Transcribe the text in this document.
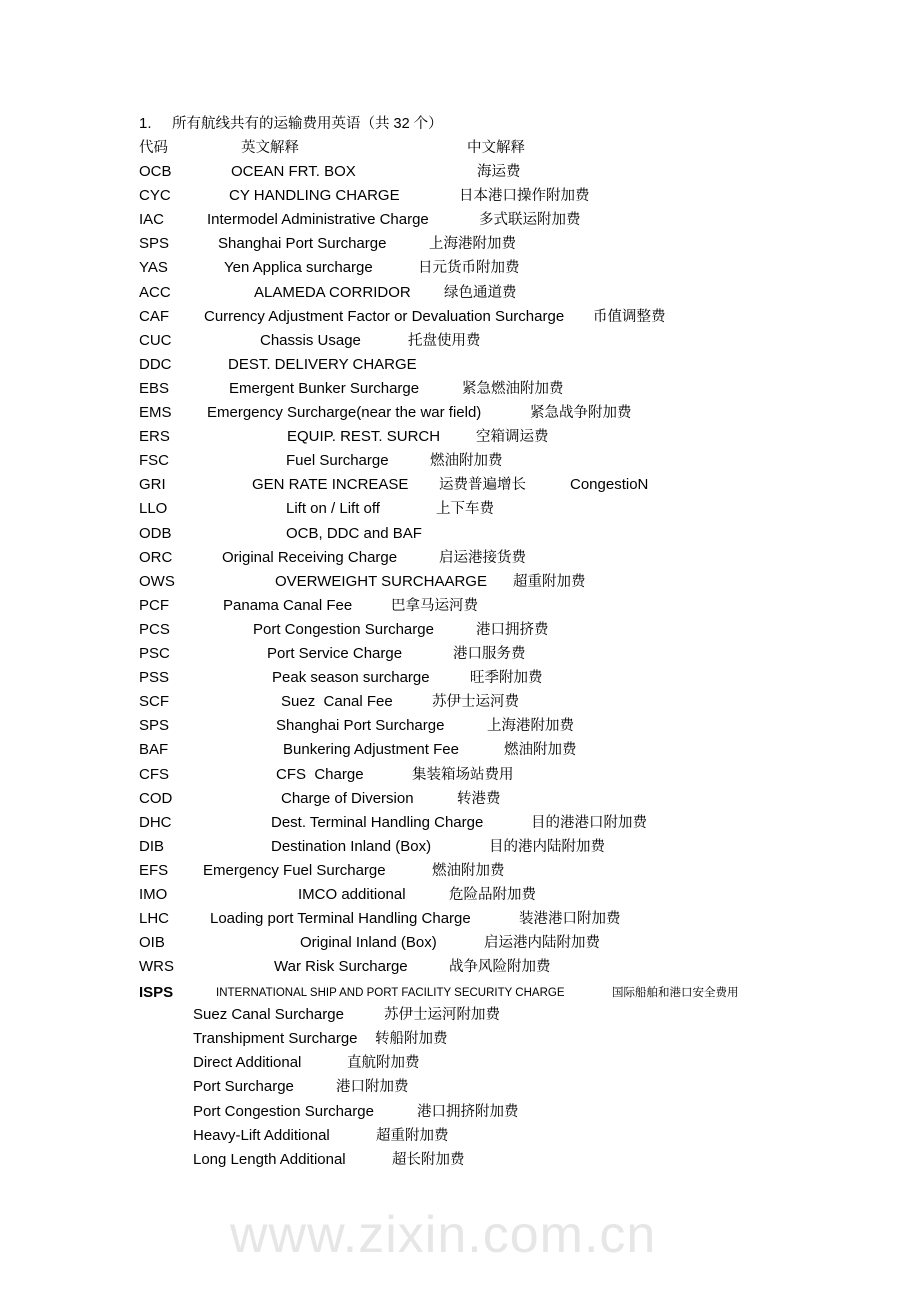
www.zixin.com.cn
1. 所有航线共有的运输费用英语（共 32 个）
代码	英文解释	中文解释
OCB	OCEAN FRT. BOX	海运费
CYC	CY HANDLING CHARGE	日本港口操作附加费
IAC	Intermodel Administrative Charge	多式联运附加费
SPS	Shanghai Port Surcharge	上海港附加费
YAS	Yen Applica surcharge	日元货币附加费
ACC	ALAMEDA CORRIDOR 绿色通道费
CAF Currency Adjustment Factor or Devaluation Surcharge 币值调整费
CUC	Chassis Usage	托盘使用费
DDC	DEST. DELIVERY CHARGE
EBS	Emergent Bunker Surcharge	紧急燃油附加费
EMS Emergency Surcharge(near the war field)	紧急战争附加费
ERS	EQUIP. REST. SURCH 空箱调运费
FSC	Fuel Surcharge	燃油附加费
GRI	GEN RATE INCREASE 运费普遍增长	CongestioN
LLO	Lift on / Lift off	上下车费
ODB	OCB, DDC and BAF
ORC	Original Receiving Charge	启运港接货费
OWS	OVERWEIGHT SURCHAARGE 超重附加费
PCF	Panama Canal Fee	巴拿马运河费
PCS	Port Congestion Surcharge	港口拥挤费
PSC	Port Service Charge	港口服务费
PSS	Peak season surcharge	旺季附加费
SCF	Suez  Canal Fee	苏伊士运河费
SPS	Shanghai Port Surcharge	上海港附加费
BAF	Bunkering Adjustment Fee	燃油附加费
CFS	CFS  Charge	集装箱场站费用
COD	Charge of Diversion	转港费
DHC	Dest. Terminal Handling Charge	目的港港口附加费
DIB	Destination Inland (Box)	目的港内陆附加费
EFS Emergency Fuel Surcharge	燃油附加费
IMO	IMCO additional	危险品附加费
LHC	Loading port Terminal Handling Charge	装港港口附加费
OIB	Original Inland (Box)	启运港内陆附加费
WRS	War Risk Surcharge	战争风险附加费
ISPS	INTERNATIONAL SHIP AND PORT FACILITY SECURITY CHARGE	国际船舶和港口安全费用
Suez Canal Surcharge	苏伊士运河附加费
Transhipment Surcharge 转船附加费
Direct Additional	直航附加费
Port Surcharge	港口附加费
Port Congestion Surcharge	港口拥挤附加费
Heavy-Lift Additional	超重附加费
Long Length Additional	超长附加费
